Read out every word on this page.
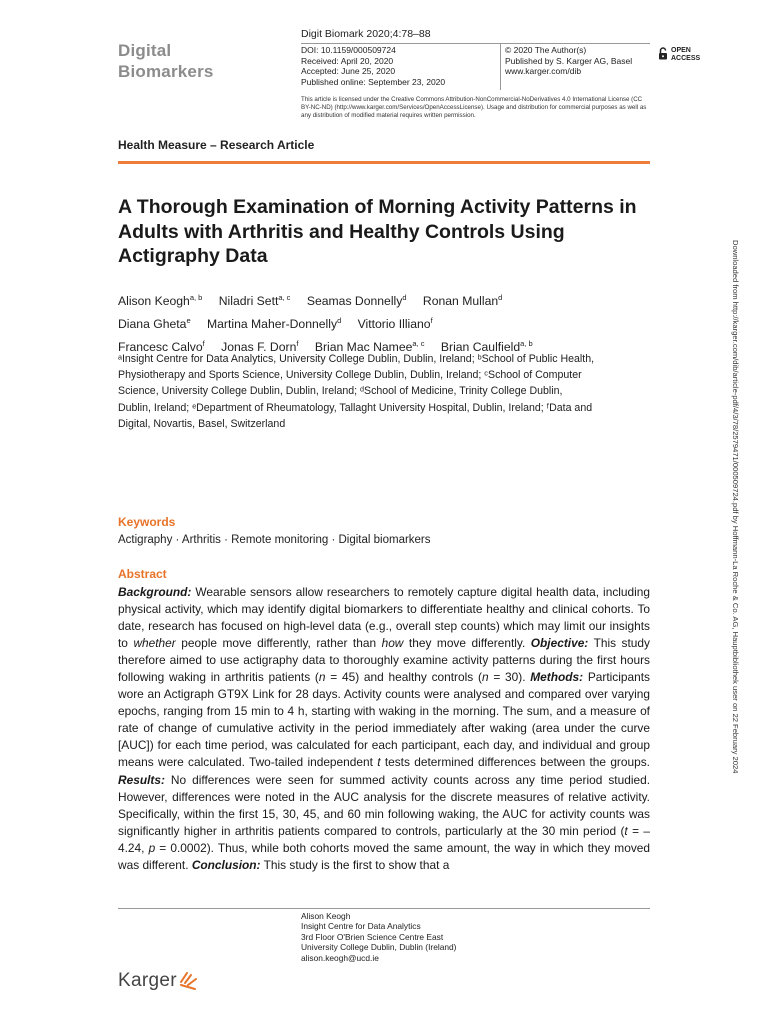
Digital
Biomarkers
Digit Biomark 2020;4:78–88
DOI: 10.1159/000509724
Received: April 20, 2020
Accepted: June 25, 2020
Published online: September 23, 2020
© 2020 The Author(s)
Published by S. Karger AG, Basel
www.karger.com/dib
OPEN
ACCESS
This article is licensed under the Creative Commons Attribution-NonCommercial-NoDerivatives 4.0 International License (CC BY-NC-ND) (http://www.karger.com/Services/OpenAccessLicense). Usage and distribution for commercial purposes as well as any distribution of modified material requires written permission.
Health Measure – Research Article
A Thorough Examination of Morning Activity Patterns in Adults with Arthritis and Healthy Controls Using Actigraphy Data
Alison Keogh$^{a, b}$ Niladri Sett$^{a, c}$ Seamas Donnelly$^d$ Ronan Mullan$^d$
Diana Gheta$^e$ Martina Maher-Donnelly$^d$ Vittorio Illiano$^f$
Francesc Calvo$^f$ Jonas F. Dorn$^f$ Brian Mac Namee$^{a, c}$ Brian Caulfield$^{a, b}$
ᵃInsight Centre for Data Analytics, University College Dublin, Dublin, Ireland; ᵇSchool of Public Health, Physiotherapy and Sports Science, University College Dublin, Dublin, Ireland; ᶜSchool of Computer Science, University College Dublin, Dublin, Ireland; ᵈSchool of Medicine, Trinity College Dublin, Dublin, Ireland; ᵉDepartment of Rheumatology, Tallaght University Hospital, Dublin, Ireland; ᶠData and Digital, Novartis, Basel, Switzerland
Keywords
Actigraphy · Arthritis · Remote monitoring · Digital biomarkers
Abstract
Background: Wearable sensors allow researchers to remotely capture digital health data, including physical activity, which may identify digital biomarkers to differentiate healthy and clinical cohorts. To date, research has focused on high-level data (e.g., overall step counts) which may limit our insights to whether people move differently, rather than how they move differently. Objective: This study therefore aimed to use actigraphy data to thoroughly examine activity patterns during the first hours following waking in arthritis patients (n = 45) and healthy controls (n = 30). Methods: Participants wore an Actigraph GT9X Link for 28 days. Activity counts were analysed and compared over varying epochs, ranging from 15 min to 4 h, starting with waking in the morning. The sum, and a measure of rate of change of cumulative activity in the period immediately after waking (area under the curve [AUC]) for each time period, was calculated for each participant, each day, and individual and group means were calculated. Two-tailed independent t tests determined differences between the groups. Results: No differences were seen for summed activity counts across any time period studied. However, differences were noted in the AUC analysis for the discrete measures of relative activity. Specifically, within the first 15, 30, 45, and 60 min following waking, the AUC for activity counts was significantly higher in arthritis patients compared to controls, particularly at the 30 min period (t = –4.24, p = 0.0002). Thus, while both cohorts moved the same amount, the way in which they moved was different. Conclusion: This study is the first to show that a
Alison Keogh
Insight Centre for Data Analytics
3rd Floor O'Brien Science Centre East
University College Dublin, Dublin (Ireland)
alison.keogh@ucd.ie
Karger
Downloaded from http://karger.com/dib/article-pdf/4/3/78/2579471/000509724.pdf by Hoffmann-La Roche & Co. AG, Hauptbibliothek user on 22 February 2024
